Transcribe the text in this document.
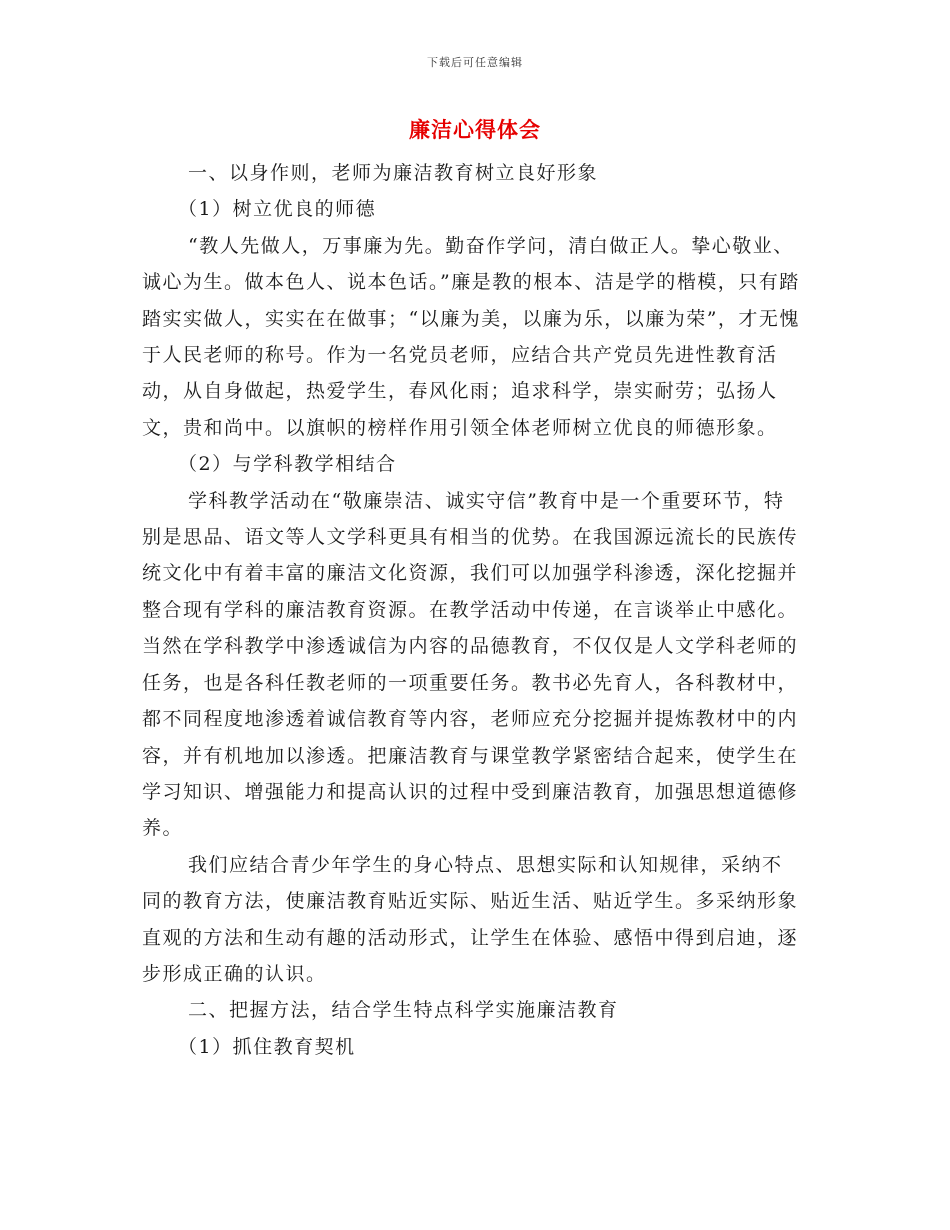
下载后可任意编辑
廉洁心得体会

一、以身作则，老师为廉洁教育树立良好形象

（1）树立优良的师德

“教人先做人，万事廉为先。勤奋作学问，清白做正人。挚心敬业、诚心为生。做本色人、说本色话。”廉是教的根本、洁是学的楷模，只有踏踏实实做人，实实在在做事；“以廉为美，以廉为乐，以廉为荣”，才无愧于人民老师的称号。作为一名党员老师，应结合共产党员先进性教育活动，从自身做起，热爱学生，春风化雨；追求科学，崇实耐劳；弘扬人文，贵和尚中。以旗帜的榜样作用引领全体老师树立优良的师德形象。

（2）与学科教学相结合

学科教学活动在“敬廉崇洁、诚实守信”教育中是一个重要环节，特别是思品、语文等人文学科更具有相当的优势。在我国源远流长的民族传统文化中有着丰富的廉洁文化资源，我们可以加强学科渗透，深化挖掘并整合现有学科的廉洁教育资源。在教学活动中传递，在言谈举止中感化。当然在学科教学中渗透诚信为内容的品德教育，不仅仅是人文学科老师的任务，也是各科任教老师的一项重要任务。教书必先育人，各科教材中，都不同程度地渗透着诚信教育等内容，老师应充分挖掘并提炼教材中的内容，并有机地加以渗透。把廉洁教育与课堂教学紧密结合起来，使学生在学习知识、增强能力和提高认识的过程中受到廉洁教育，加强思想道德修养。

我们应结合青少年学生的身心特点、思想实际和认知规律，采纳不同的教育方法，使廉洁教育贴近实际、贴近生活、贴近学生。多采纳形象直观的方法和生动有趣的活动形式，让学生在体验、感悟中得到启迪，逐步形成正确的认识。

二、把握方法，结合学生特点科学实施廉洁教育

（1）抓住教育契机
